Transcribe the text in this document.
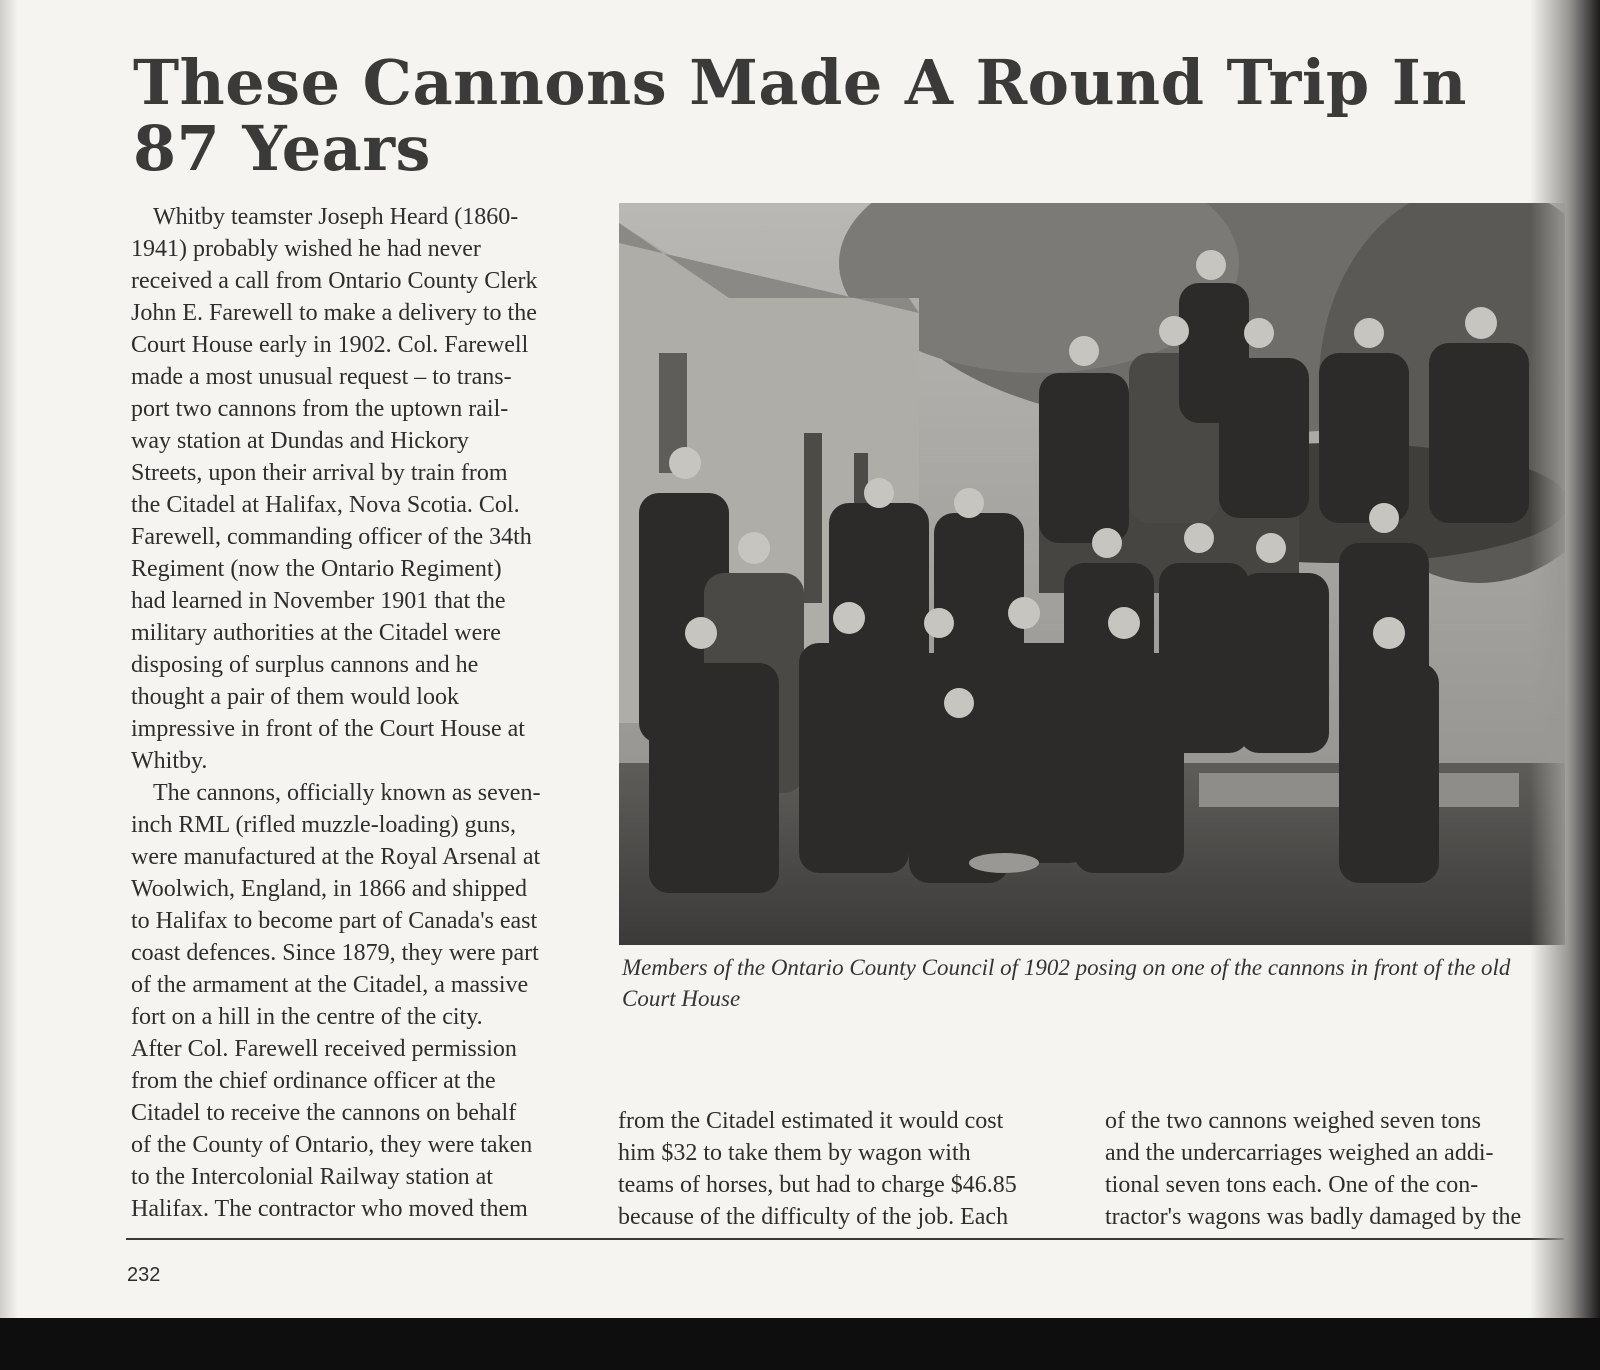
These Cannons Made A Round Trip In 87 Years

Whitby teamster Joseph Heard (1860-
1941) probably wished he had never
received a call from Ontario County Clerk
John E. Farewell to make a delivery to the
Court House early in 1902. Col. Farewell
made a most unusual request – to trans-
port two cannons from the uptown rail-
way station at Dundas and Hickory
Streets, upon their arrival by train from
the Citadel at Halifax, Nova Scotia. Col.
Farewell, commanding officer of the 34th
Regiment (now the Ontario Regiment)
had learned in November 1901 that the
military authorities at the Citadel were
disposing of surplus cannons and he
thought a pair of them would look
impressive in front of the Court House at
Whitby.

The cannons, officially known as seven-
inch RML (rifled muzzle-loading) guns,
were manufactured at the Royal Arsenal at
Woolwich, England, in 1866 and shipped
to Halifax to become part of Canada's east
coast defences. Since 1879, they were part
of the armament at the Citadel, a massive
fort on a hill in the centre of the city.
After Col. Farewell received permission
from the chief ordinance officer at the
Citadel to receive the cannons on behalf
of the County of Ontario, they were taken
to the Intercolonial Railway station at
Halifax. The contractor who moved them

Members of the Ontario County Council of 1902 posing on one of the cannons in front of the old Court House

from the Citadel estimated it would cost
him $32 to take them by wagon with
teams of horses, but had to charge $46.85
because of the difficulty of the job. Each
of the two cannons weighed seven tons
and the undercarriages weighed an addi-
tional seven tons each. One of the con-
tractor's wagons was badly damaged by the
232
